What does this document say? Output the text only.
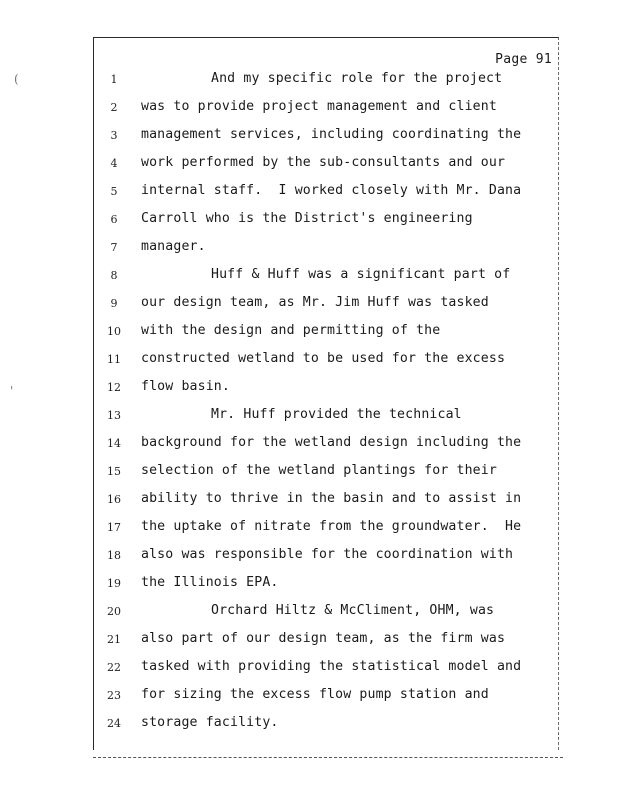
(
'
Page 91
1	And my specific role for the project
2	was to provide project management and client
3	management services, including coordinating the
4	work performed by the sub-consultants and our
5	internal staff.  I worked closely with Mr. Dana
6	Carroll who is the District's engineering
7	manager.
8	Huff & Huff was a significant part of
9	our design team, as Mr. Jim Huff was tasked
10	with the design and permitting of the
11	constructed wetland to be used for the excess
12	flow basin.
13	Mr. Huff provided the technical
14	background for the wetland design including the
15	selection of the wetland plantings for their
16	ability to thrive in the basin and to assist in
17	the uptake of nitrate from the groundwater.  He
18	also was responsible for the coordination with
19	the Illinois EPA.
20	Orchard Hiltz & McCliment, OHM, was
21	also part of our design team, as the firm was
22	tasked with providing the statistical model and
23	for sizing the excess flow pump station and
24	storage facility.
